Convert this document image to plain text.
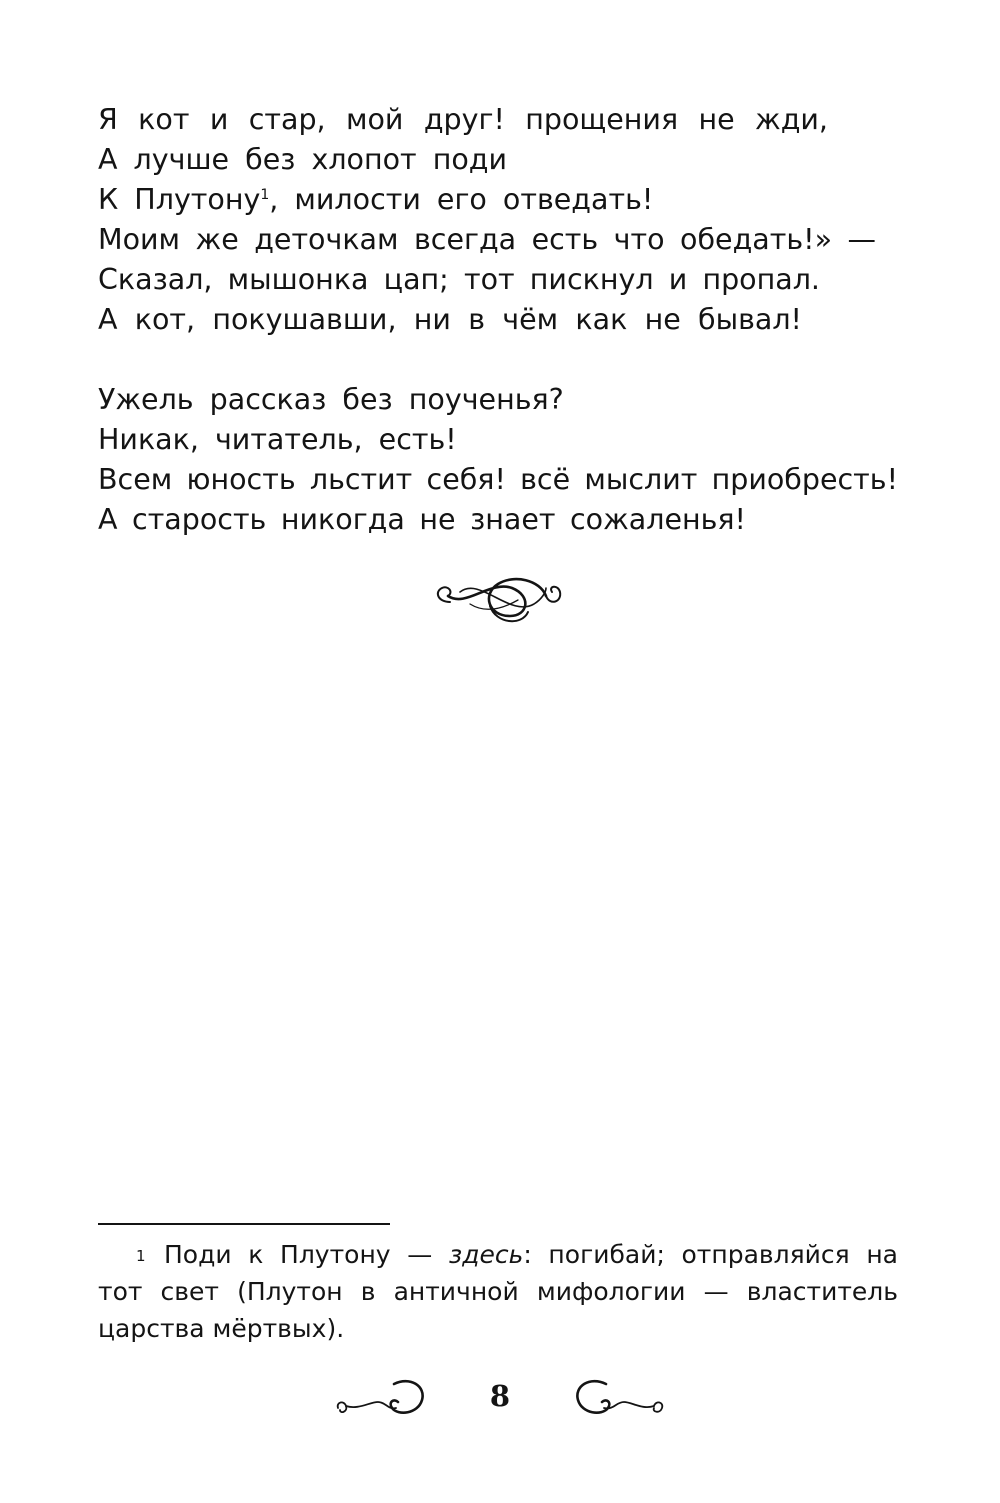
Я кот и стар, мой друг! прощения не жди,
А лучше без хлопот поди
К Плутону$^1$, милости его отведать!
Моим же деточкам всегда есть что обедать!» —
Сказал, мышонка цап; тот пискнул и пропал.
А кот, покушавши, ни в чём как не бывал!
Ужель рассказ без поученья?
Никак, читатель, есть!
Всем юность льстит себя! всё мыслит приобресть!
А старость никогда не знает сожаленья!
1 Поди к Плутону — здесь: погибай; отправляйся на
тот свет (Плутон в античной мифологии — властитель
царства мёртвых).
8
